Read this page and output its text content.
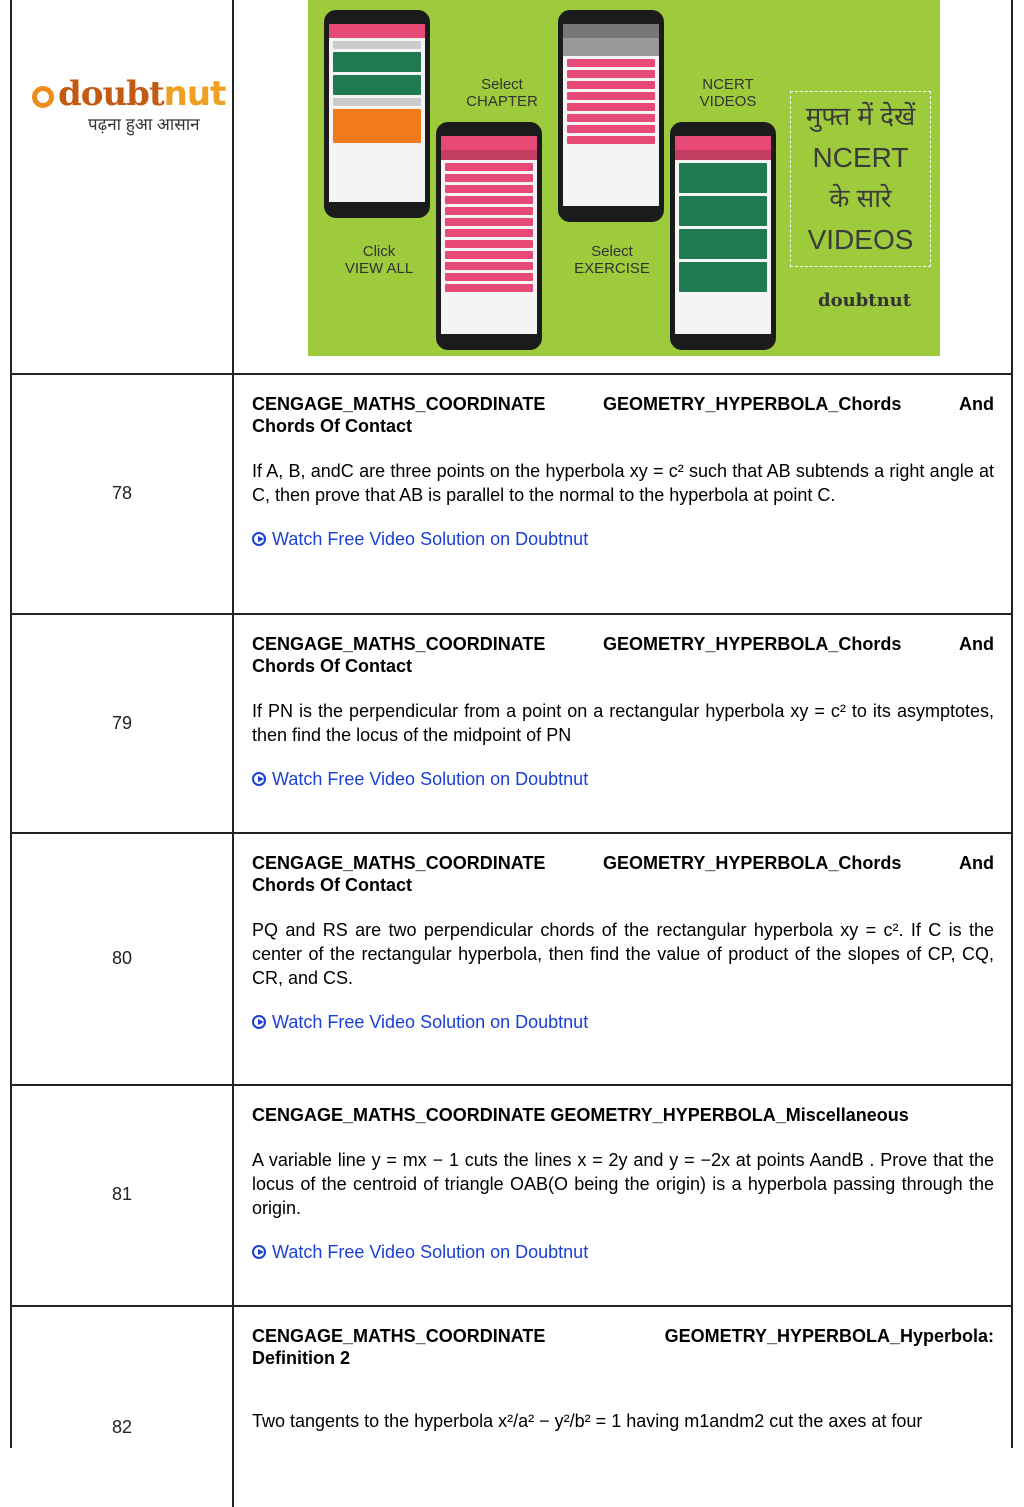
doubtnut
पढ़ना हुआ आसान
Select
CHAPTER
NCERT
VIDEOS
Click
VIEW ALL
Select
EXERCISE
मुफ्त में देखें
NCERT
के सारे
VIDEOS
doubtnut
78
CENGAGE_MATHS_COORDINATE	GEOMETRY_HYPERBOLA_Chords	And
Chords Of Contact
If A, B, andC are three points on the hyperbola xy = c² such that AB subtends a right angle at C, then prove that AB is parallel to the normal to the hyperbola at point C.
Watch Free Video Solution on Doubtnut
79
CENGAGE_MATHS_COORDINATE	GEOMETRY_HYPERBOLA_Chords	And
Chords Of Contact
If PN is the perpendicular from a point on a rectangular hyperbola xy = c² to its asymptotes, then find the locus of the midpoint of PN
Watch Free Video Solution on Doubtnut
80
CENGAGE_MATHS_COORDINATE	GEOMETRY_HYPERBOLA_Chords	And
Chords Of Contact
PQ and RS are two perpendicular chords of the rectangular hyperbola xy = c². If C is the center of the rectangular hyperbola, then find the value of product of the slopes of CP, CQ, CR, and CS.
Watch Free Video Solution on Doubtnut
81
CENGAGE_MATHS_COORDINATE GEOMETRY_HYPERBOLA_Miscellaneous
A variable line y = mx − 1 cuts the lines x = 2y and y = −2x at points AandB . Prove that the locus of the centroid of triangle OAB(O being the origin) is a hyperbola passing through the origin.
Watch Free Video Solution on Doubtnut
82
CENGAGE_MATHS_COORDINATE	GEOMETRY_HYPERBOLA_Hyperbola:
Definition 2
Two tangents to the hyperbola x²/a² − y²/b² = 1 having m1andm2 cut the axes at four
